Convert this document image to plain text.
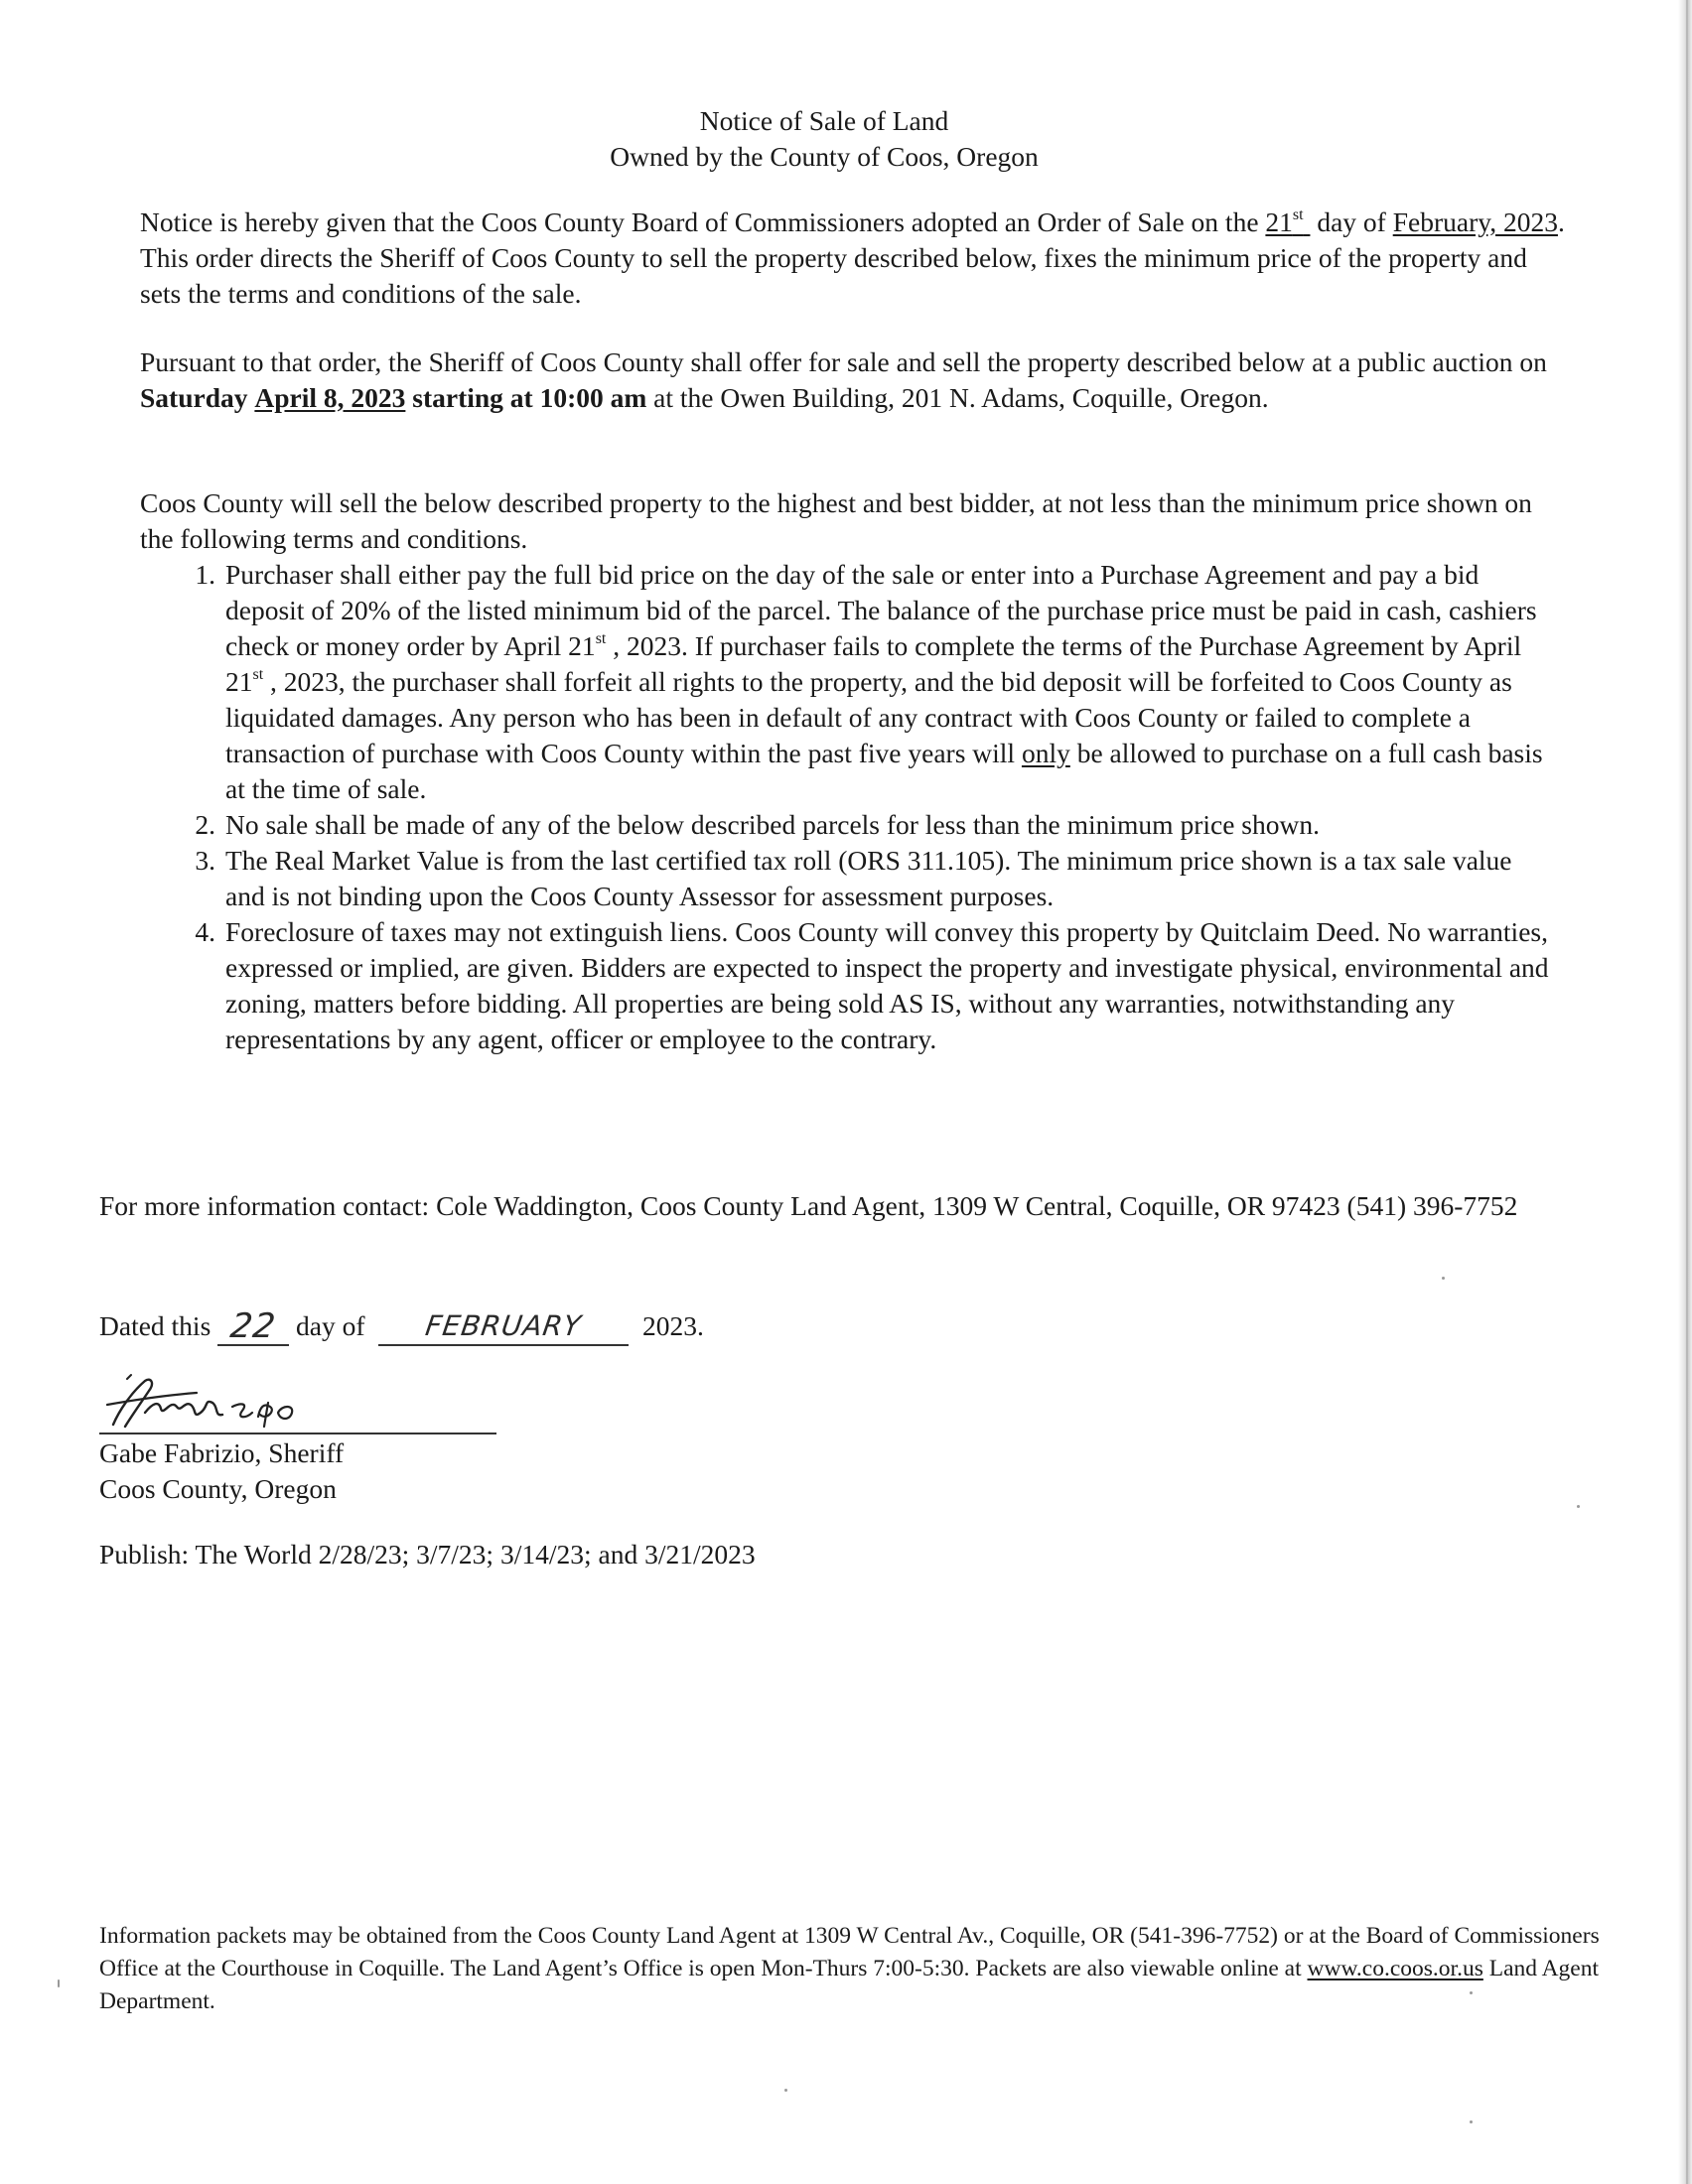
Notice of Sale of Land
Owned by the County of Coos, Oregon

Notice is hereby given that the Coos County Board of Commissioners adopted an Order of Sale on the 21st  day of February, 2023. This order directs the Sheriff of Coos County to sell the property described below, fixes the minimum price of the property and sets the terms and conditions of the sale.

Pursuant to that order, the Sheriff of Coos County shall offer for sale and sell the property described below at a public auction on Saturday April 8, 2023 starting at 10:00 am at the Owen Building, 201 N. Adams, Coquille, Oregon.

Coos County will sell the below described property to the highest and best bidder, at not less than the minimum price shown on the following terms and conditions.

1. Purchaser shall either pay the full bid price on the day of the sale or enter into a Purchase Agreement and pay a bid deposit of 20% of the listed minimum bid of the parcel. The balance of the purchase price must be paid in cash, cashiers check or money order by April 21st , 2023. If purchaser fails to complete the terms of the Purchase Agreement by April 21st , 2023, the purchaser shall forfeit all rights to the property, and the bid deposit will be forfeited to Coos County as liquidated damages. Any person who has been in default of any contract with Coos County or failed to complete a transaction of purchase with Coos County within the past five years will only be allowed to purchase on a full cash basis at the time of sale.
2. No sale shall be made of any of the below described parcels for less than the minimum price shown.
3. The Real Market Value is from the last certified tax roll (ORS 311.105). The minimum price shown is a tax sale value and is not binding upon the Coos County Assessor for assessment purposes.
4. Foreclosure of taxes may not extinguish liens. Coos County will convey this property by Quitclaim Deed. No warranties, expressed or implied, are given. Bidders are expected to inspect the property and investigate physical, environmental and zoning, matters before bidding. All properties are being sold AS IS, without any warranties, notwithstanding any representations by any agent, officer or employee to the contrary.

For more information contact: Cole Waddington, Coos County Land Agent, 1309 W Central, Coquille, OR 97423 (541) 396-7752

Dated this 22 day of	FEBRUARY	2023.
Gabe Fabrizio, Sheriff
Coos County, Oregon
Publish: The World 2/28/23; 3/7/23; 3/14/23; and 3/21/2023

Information packets may be obtained from the Coos County Land Agent at 1309 W Central Av., Coquille, OR (541-396-7752) or at the Board of Commissioners Office at the Courthouse in Coquille. The Land Agent’s Office is open Mon-Thurs 7:00-5:30. Packets are also viewable online at www.co.coos.or.us Land Agent Department.
